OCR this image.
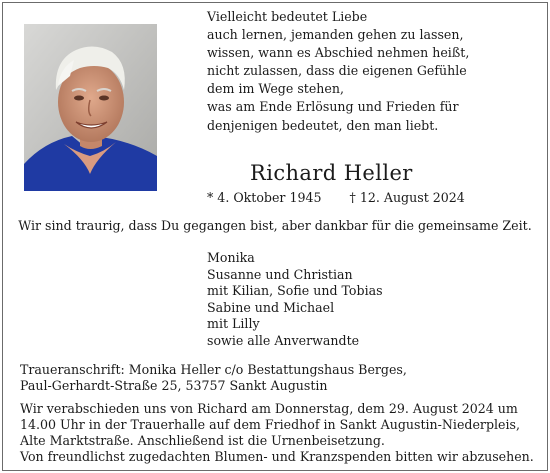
Vielleicht bedeutet Liebe
auch lernen, jemanden gehen zu lassen,
wissen, wann es Abschied nehmen heißt,
nicht zulassen, dass die eigenen Gefühle
dem im Wege stehen,
was am Ende Erlösung und Frieden für
denjenigen bedeutet, den man liebt.
Richard Heller
* 4. Oktober 1945 † 12. August 2024
Wir sind traurig, dass Du gegangen bist, aber dankbar für die gemeinsame Zeit.
Monika
Susanne und Christian
mit Kilian, Sofie und Tobias
Sabine und Michael
mit Lilly
sowie alle Anverwandte
Traueranschrift: Monika Heller c/o Bestattungshaus Berges,
Paul-Gerhardt-Straße 25, 53757 Sankt Augustin
Wir verabschieden uns von Richard am Donnerstag, dem 29. August 2024 um
14.00 Uhr in der Trauerhalle auf dem Friedhof in Sankt Augustin-Niederpleis,
Alte Marktstraße. Anschließend ist die Urnenbeisetzung.
Von freundlichst zugedachten Blumen- und Kranzspenden bitten wir abzusehen.
